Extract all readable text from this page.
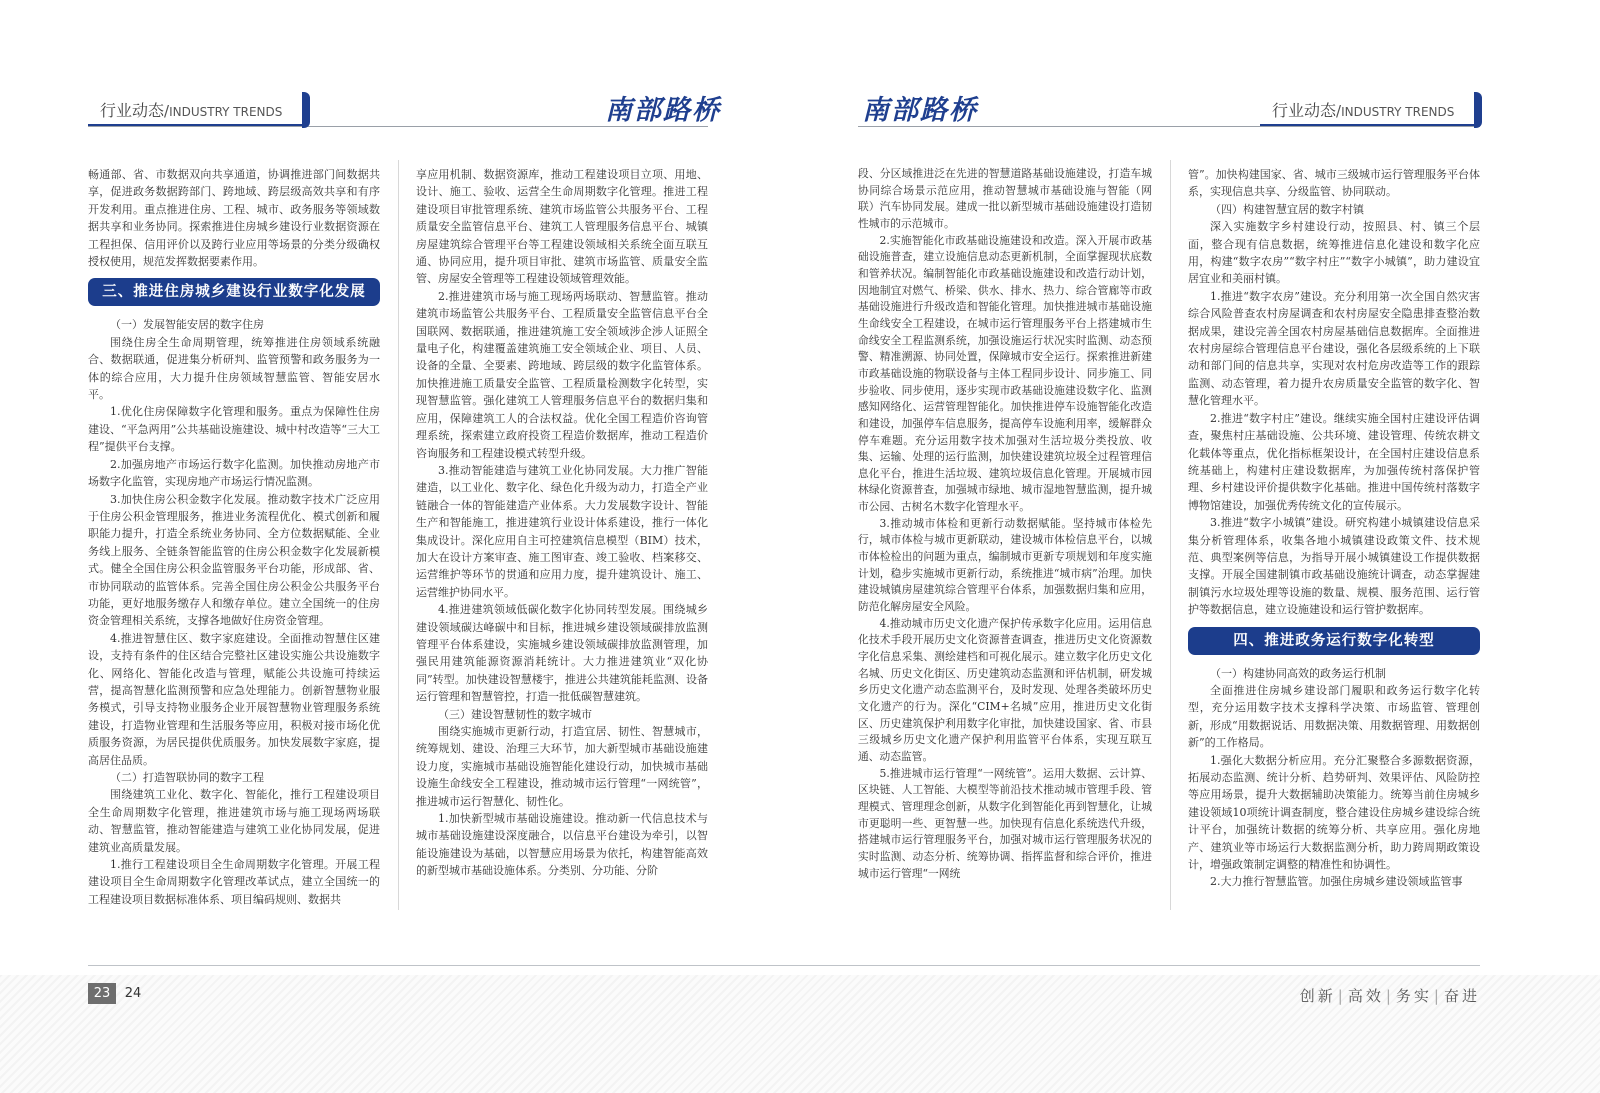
行业动态/INDUSTRY TRENDS	南部路桥	南部路桥	行业动态/INDUSTRY TRENDS
畅通部、省、市数据双向共享通道，协调推进部门间数据共享，促进政务数据跨部门、跨地域、跨层级高效共享和有序开发利用。重点推进住房、工程、城市、政务服务等领域数据共享和业务协同。探索推进住房城乡建设行业数据资源在工程担保、信用评价以及跨行业应用等场景的分类分级确权授权使用，规范发挥数据要素作用。
三、推进住房城乡建设行业数字化发展
（一）发展智能安居的数字住房
围绕住房全生命周期管理，统筹推进住房领域系统融合、数据联通，促进集分析研判、监管预警和政务服务为一体的综合应用，大力提升住房领域智慧监管、智能安居水平。
1.优化住房保障数字化管理和服务。重点为保障性住房建设、“平急两用”公共基础设施建设、城中村改造等“三大工程”提供平台支撑。
2.加强房地产市场运行数字化监测。加快推动房地产市场数字化监管，实现房地产市场运行情况监测。
3.加快住房公积金数字化发展。推动数字技术广泛应用于住房公积金管理服务，推进业务流程优化、模式创新和履职能力提升，打造全系统业务协同、全方位数据赋能、全业务线上服务、全链条智能监管的住房公积金数字化发展新模式。健全全国住房公积金监管服务平台功能，形成部、省、市协同联动的监管体系。完善全国住房公积金公共服务平台功能，更好地服务缴存人和缴存单位。建立全国统一的住房资金管理相关系统，支撑各地做好住房资金管理。
4.推进智慧住区、数字家庭建设。全面推动智慧住区建设，支持有条件的住区结合完整社区建设实施公共设施数字化、网络化、智能化改造与管理，赋能公共设施可持续运营，提高智慧化监测预警和应急处理能力。创新智慧物业服务模式，引导支持物业服务企业开展智慧物业管理服务系统建设，打造物业管理和生活服务等应用，积极对接市场化优质服务资源，为居民提供优质服务。加快发展数字家庭，提高居住品质。
（二）打造智联协同的数字工程
围绕建筑工业化、数字化、智能化，推行工程建设项目全生命周期数字化管理，推进建筑市场与施工现场两场联动、智慧监管，推动智能建造与建筑工业化协同发展，促进建筑业高质量发展。
1.推行工程建设项目全生命周期数字化管理。开展工程建设项目全生命周期数字化管理改革试点，建立全国统一的工程建设项目数据标准体系、项目编码规则、数据共
享应用机制、数据资源库，推动工程建设项目立项、用地、设计、施工、验收、运营全生命周期数字化管理。推进工程建设项目审批管理系统、建筑市场监管公共服务平台、工程质量安全监管信息平台、建筑工人管理服务信息平台、城镇房屋建筑综合管理平台等工程建设领域相关系统全面互联互通、协同应用，提升项目审批、建筑市场监管、质量安全监管、房屋安全管理等工程建设领域管理效能。
2.推进建筑市场与施工现场两场联动、智慧监管。推动建筑市场监管公共服务平台、工程质量安全监管信息平台全国联网、数据联通，推进建筑施工安全领域涉企涉人证照全量电子化，构建覆盖建筑施工安全领域企业、项目、人员、设备的全量、全要素、跨地域、跨层级的数字化监管体系。加快推进施工质量安全监管、工程质量检测数字化转型，实现智慧监管。强化建筑工人管理服务信息平台的数据归集和应用，保障建筑工人的合法权益。优化全国工程造价咨询管理系统，探索建立政府投资工程造价数据库，推动工程造价咨询服务和工程建设模式转型升级。
3.推动智能建造与建筑工业化协同发展。大力推广智能建造，以工业化、数字化、绿色化升级为动力，打造全产业链融合一体的智能建造产业体系。大力发展数字设计、智能生产和智能施工，推进建筑行业设计体系建设，推行一体化集成设计。深化应用自主可控建筑信息模型（BIM）技术，加大在设计方案审查、施工图审查、竣工验收、档案移交、运营维护等环节的贯通和应用力度，提升建筑设计、施工、运营维护协同水平。
4.推进建筑领域低碳化数字化协同转型发展。围绕城乡建设领域碳达峰碳中和目标，推进城乡建设领域碳排放监测管理平台体系建设，实施城乡建设领域碳排放监测管理，加强民用建筑能源资源消耗统计。大力推进建筑业“双化协同”转型。加快建设智慧楼宇，推进公共建筑能耗监测、设备运行管理和智慧管控，打造一批低碳智慧建筑。
（三）建设智慧韧性的数字城市
围绕实施城市更新行动，打造宜居、韧性、智慧城市，统筹规划、建设、治理三大环节，加大新型城市基础设施建设力度，实施城市基础设施智能化建设行动，加快城市基础设施生命线安全工程建设，推动城市运行管理“一网统管”，推进城市运行智慧化、韧性化。
1.加快新型城市基础设施建设。推动新一代信息技术与城市基础设施建设深度融合，以信息平台建设为牵引，以智能设施建设为基础，以智慧应用场景为依托，构建智能高效的新型城市基础设施体系。分类别、分功能、分阶
段、分区域推进泛在先进的智慧道路基础设施建设，打造车城协同综合场景示范应用，推动智慧城市基础设施与智能（网联）汽车协同发展。建成一批以新型城市基础设施建设打造韧性城市的示范城市。
2.实施智能化市政基础设施建设和改造。深入开展市政基础设施普查，建立设施信息动态更新机制，全面掌握现状底数和管养状况。编制智能化市政基础设施建设和改造行动计划，因地制宜对燃气、桥梁、供水、排水、热力、综合管廊等市政基础设施进行升级改造和智能化管理。加快推进城市基础设施生命线安全工程建设，在城市运行管理服务平台上搭建城市生命线安全工程监测系统，加强设施运行状况实时监测、动态预警、精准溯源、协同处置，保障城市安全运行。探索推进新建市政基础设施的物联设备与主体工程同步设计、同步施工、同步验收、同步使用，逐步实现市政基础设施建设数字化、监测感知网络化、运营管理智能化。加快推进停车设施智能化改造和建设，加强停车信息服务，提高停车设施利用率，缓解群众停车难题。充分运用数字技术加强对生活垃圾分类投放、收集、运输、处理的运行监测，加快建设建筑垃圾全过程管理信息化平台，推进生活垃圾、建筑垃圾信息化管理。开展城市园林绿化资源普查，加强城市绿地、城市湿地智慧监测，提升城市公园、古树名木数字化管理水平。
3.推动城市体检和更新行动数据赋能。坚持城市体检先行，城市体检与城市更新联动，建设城市体检信息平台，以城市体检检出的问题为重点，编制城市更新专项规划和年度实施计划，稳步实施城市更新行动，系统推进“城市病”治理。加快建设城镇房屋建筑综合管理平台体系，加强数据归集和应用，防范化解房屋安全风险。
4.推动城市历史文化遗产保护传承数字化应用。运用信息化技术手段开展历史文化资源普查调查，推进历史文化资源数字化信息采集、测绘建档和可视化展示。建立数字化历史文化名城、历史文化街区、历史建筑动态监测和评估机制，研发城乡历史文化遗产动态监测平台，及时发现、处理各类破坏历史文化遗产的行为。深化“CIM+名城”应用，推进历史文化街区、历史建筑保护利用数字化审批，加快建设国家、省、市县三级城乡历史文化遗产保护利用监管平台体系，实现互联互通、动态监管。
5.推进城市运行管理“一网统管”。运用大数据、云计算、区块链、人工智能、大模型等前沿技术推动城市管理手段、管理模式、管理理念创新，从数字化到智能化再到智慧化，让城市更聪明一些、更智慧一些。加快现有信息化系统迭代升级，搭建城市运行管理服务平台，加强对城市运行管理服务状况的实时监测、动态分析、统筹协调、指挥监督和综合评价，推进城市运行管理“一网统
管”。加快构建国家、省、城市三级城市运行管理服务平台体系，实现信息共享、分级监管、协同联动。
（四）构建智慧宜居的数字村镇
深入实施数字乡村建设行动，按照县、村、镇三个层面，整合现有信息数据，统筹推进信息化建设和数字化应用，构建“数字农房”“数字村庄”“数字小城镇”，助力建设宜居宜业和美丽村镇。
1.推进“数字农房”建设。充分利用第一次全国自然灾害综合风险普查农村房屋调查和农村房屋安全隐患排查整治数据成果，建设完善全国农村房屋基础信息数据库。全面推进农村房屋综合管理信息平台建设，强化各层级系统的上下联动和部门间的信息共享，实现对农村危房改造等工作的跟踪监测、动态管理，着力提升农房质量安全监管的数字化、智慧化管理水平。
2.推进“数字村庄”建设。继续实施全国村庄建设评估调查，聚焦村庄基础设施、公共环境、建设管理、传统农耕文化载体等重点，优化指标框架设计，在全国村庄建设信息系统基础上，构建村庄建设数据库，为加强传统村落保护管理、乡村建设评价提供数字化基础。推进中国传统村落数字博物馆建设，加强优秀传统文化的宣传展示。
3.推进“数字小城镇”建设。研究构建小城镇建设信息采集分析管理体系，收集各地小城镇建设政策文件、技术规范、典型案例等信息，为指导开展小城镇建设工作提供数据支撑。开展全国建制镇市政基础设施统计调查，动态掌握建制镇污水垃圾处理等设施的数量、规模、服务范围、运行管护等数据信息，建立设施建设和运行管护数据库。
四、推进政务运行数字化转型
（一）构建协同高效的政务运行机制
全面推进住房城乡建设部门履职和政务运行数字化转型，充分运用数字技术支撑科学决策、市场监管、管理创新，形成“用数据说话、用数据决策、用数据管理、用数据创新”的工作格局。
1.强化大数据分析应用。充分汇聚整合多源数据资源，拓展动态监测、统计分析、趋势研判、效果评估、风险防控等应用场景，提升大数据辅助决策能力。统筹当前住房城乡建设领域10项统计调查制度，整合建设住房城乡建设综合统计平台，加强统计数据的统筹分析、共享应用。强化房地产、建筑业等市场运行大数据监测分析，助力跨周期政策设计，增强政策制定调整的精准性和协调性。
2.大力推行智慧监管。加强住房城乡建设领域监管事
23	24	创新 | 高效 | 务实 | 奋进
